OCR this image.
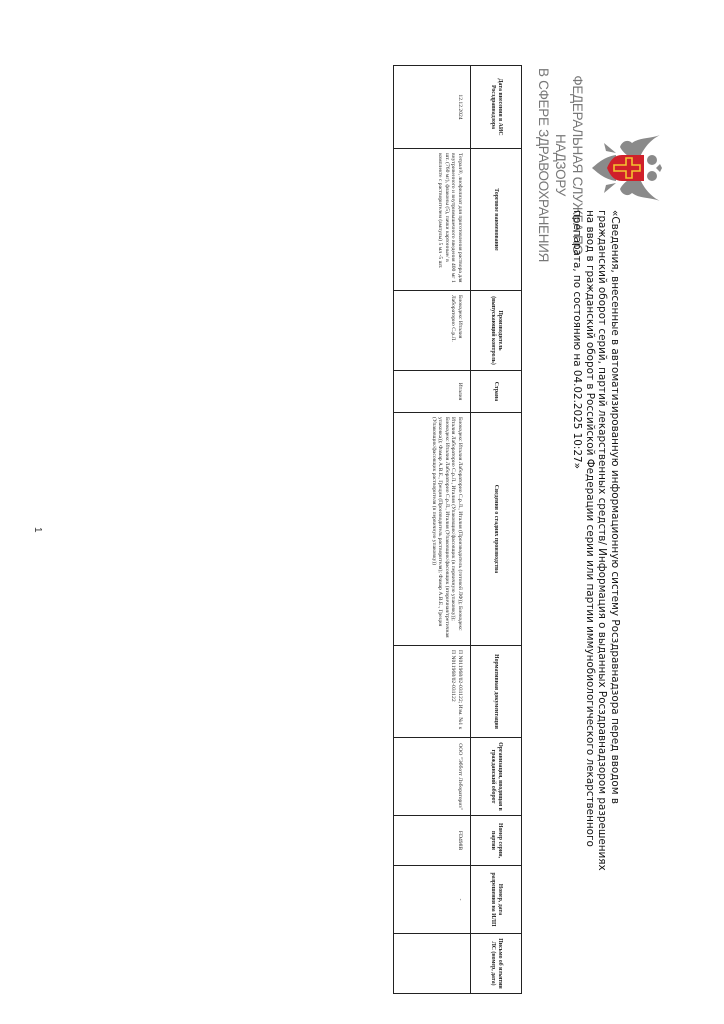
ФЕДЕРАЛЬНАЯ СЛУЖБА ПО НАДЗОРУ
В СФЕРЕ ЗДРАВООХРАНЕНИЯ
«Сведения, внесенные в автоматизированную информационную систему Росздравнадзора перед вводом в
гражданский оборот серий, партий лекарственных средств/ Информация о выданных Росздравнадзором разрешениях
на ввод в гражданский оборот в Российской Федерации серии или партии иммунобиологического лекарственного
препарата, по состоянию на 04.02.2025 10:27»
Дата внесения в АИС Росздравнадзора	Торговое наименование	Производитель (выпускающий контроль)	Страна	Сведения о стадиях производства	Нормативная документация	Организация, вводящая в гражданский оборот	Номер серии, партии	Номер, дата разрешения на ИЛП	Письмо об изъятии ЛС (номер, дата)
12.12.2024	Тетрал®, лиофилизат для приготовления раствора для внутривенного и внутримышечного введения 400 мг 1 шт. (760 мг), флаконы (5), пачки картонные/ в комплекте с растворителем (ампулы) 5 мл -5 шт.	Биокодекс Италия Лабораторио С.р.Л.	Италия	Биокодекс Италия Лабораторио С.р.Л., Италия (Производитель (готовой ЛФ)); Биокодекс Италия Лабораторио С.р.Л., Италия (Упаковщик/фасовщик (в первичную упаковку)); Биокодекс Италия Лабораторио С.р.Л., Италия (Упаковщик/фасовщик (вторичная/третичная упаковка)); Фамар А.В.Е., Греция (Производитель растворителя); Фамар А.В.Е., Греция (Упаковщик/фасовщик растворителя (в первичную упаковку))	П N011968/02-031122; Изм. №1 к П N011968/02-031122	ООО "Эбботт Лэбораториз"	FD498B	-	
1
